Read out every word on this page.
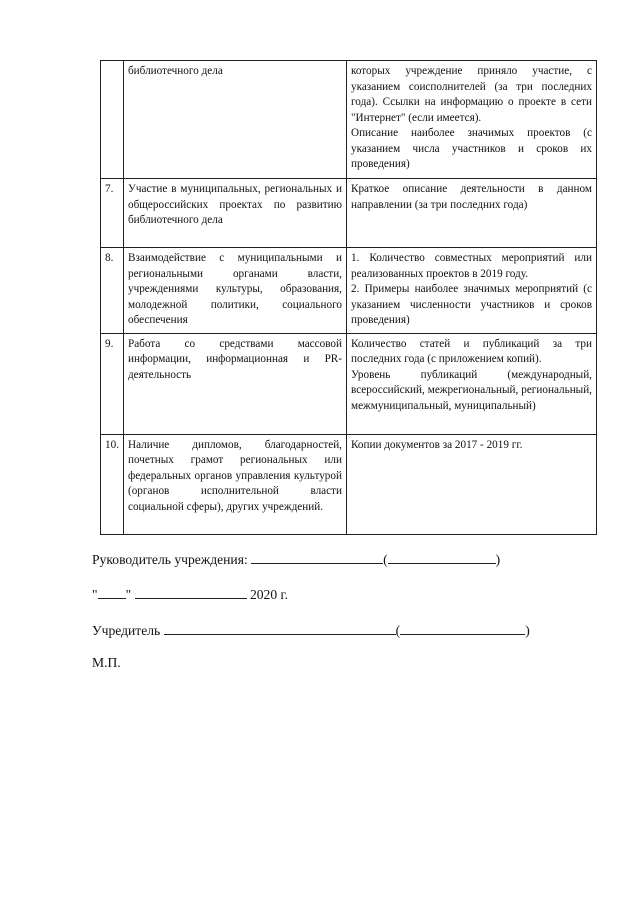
	библиотечного дела	которых учреждение приняло участие, с указанием соисполнителей (за три последних года). Ссылки на информацию о проекте в сети "Интернет" (если имеется).
Описание наиболее значимых проектов (с указанием числа участников и сроков их проведения)

7.	Участие в муниципальных, региональных и общероссийских проектах по развитию библиотечного дела	Краткое описание деятельности в данном направлении (за три последних года)

8.	Взаимодействие с муниципальными и региональными органами власти, учреждениями культуры, образования, молодежной политики, социального обеспечения	1. Количество совместных мероприятий или реализованных проектов в 2019 году.
2. Примеры наиболее значимых мероприятий (с указанием численности участников и сроков проведения)

9.	Работа со средствами массовой информации, информационная и PR-деятельность	Количество статей и публикаций за три последних года (с приложением копий).
Уровень публикаций (международный, всероссийский, межрегиональный, региональный, межмуниципальный, муниципальный)

10.	Наличие дипломов, благодарностей, почетных грамот региональных или федеральных органов управления культурой (органов исполнительной власти социальной сферы), других учреждений.	Копии документов за 2017 - 2019 гг.
Руководитель учреждения:	(	)
" "	2020 г.
Учредитель	(	)
М.П.
